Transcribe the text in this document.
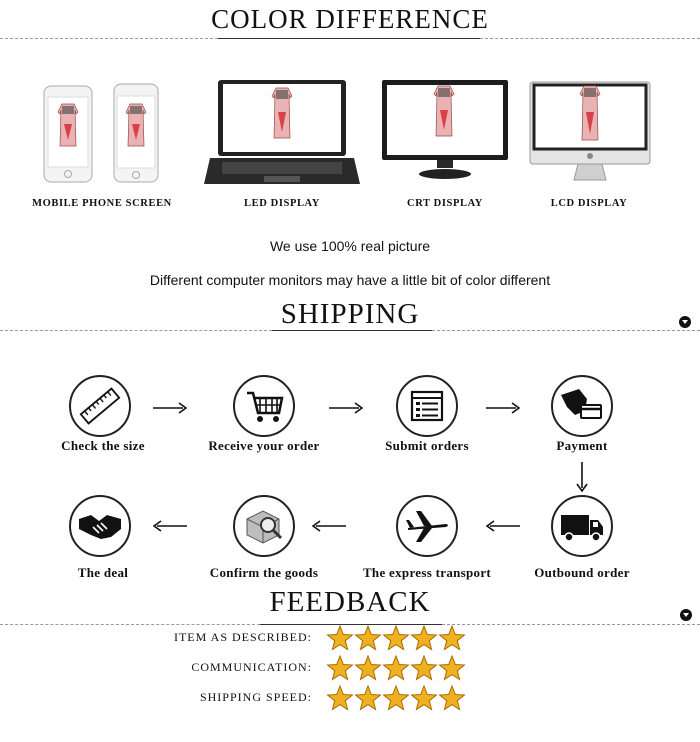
COLOR DIFFERENCE
MOBILE PHONE SCREEN	LED DISPLAY	CRT DISPLAY	LCD DISPLAY
We use 100% real picture
Different computer monitors may have a little bit of color different
SHIPPING
Check the size	Receive your order	Submit orders	Payment
The deal	Confirm the goods	The express transport	Outbound order
FEEDBACK
ITEM AS DESCRIBED:
COMMUNICATION:
SHIPPING SPEED:
